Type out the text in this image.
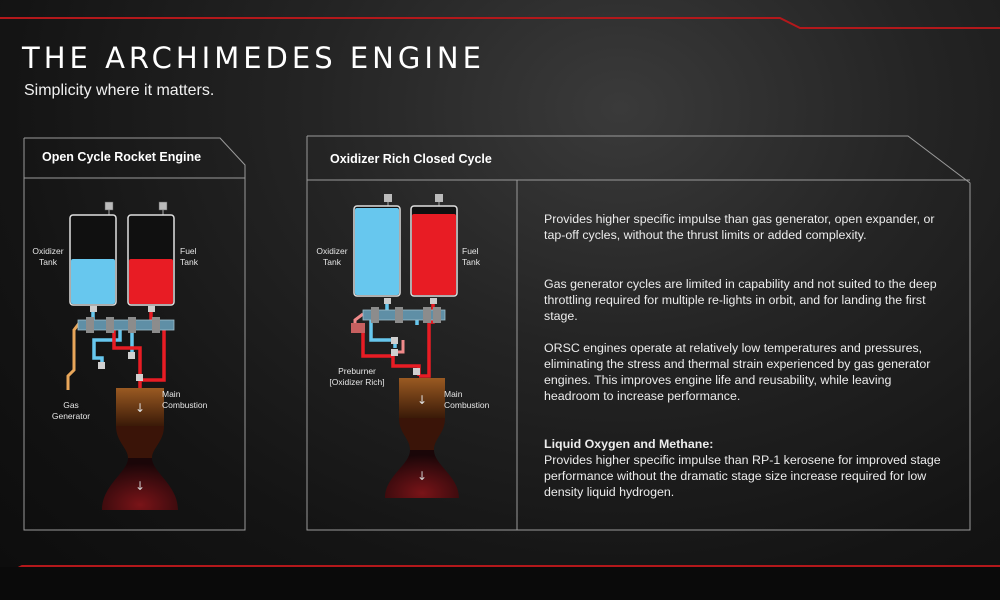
THE ARCHIMEDES ENGINE

Simplicity where it matters.

Open Cycle Rocket Engine	Oxidizer Rich Closed Cycle
↓
↓
Oxidizer
Tank
Fuel
Tank
Gas
Generator
Main
Combustion	↓
↓
Oxidizer
Tank
Fuel
Tank
Preburner
[Oxidizer Rich]
Main
Combustion

Provides higher specific impulse than gas generator, open expander, or tap-off cycles, without the thrust limits or added complexity.

Gas generator cycles are limited in capability and not suited to the deep throttling required for multiple re-lights in orbit, and for landing the first stage.

ORSC engines operate at relatively low temperatures and pressures, eliminating the stress and thermal strain experienced by gas generator engines. This improves engine life and reusability, while leaving headroom to increase performance.

Liquid Oxygen and Methane:
Provides higher specific impulse than RP-1 kerosene for improved stage performance without the dramatic stage size increase required for low density liquid hydrogen.
